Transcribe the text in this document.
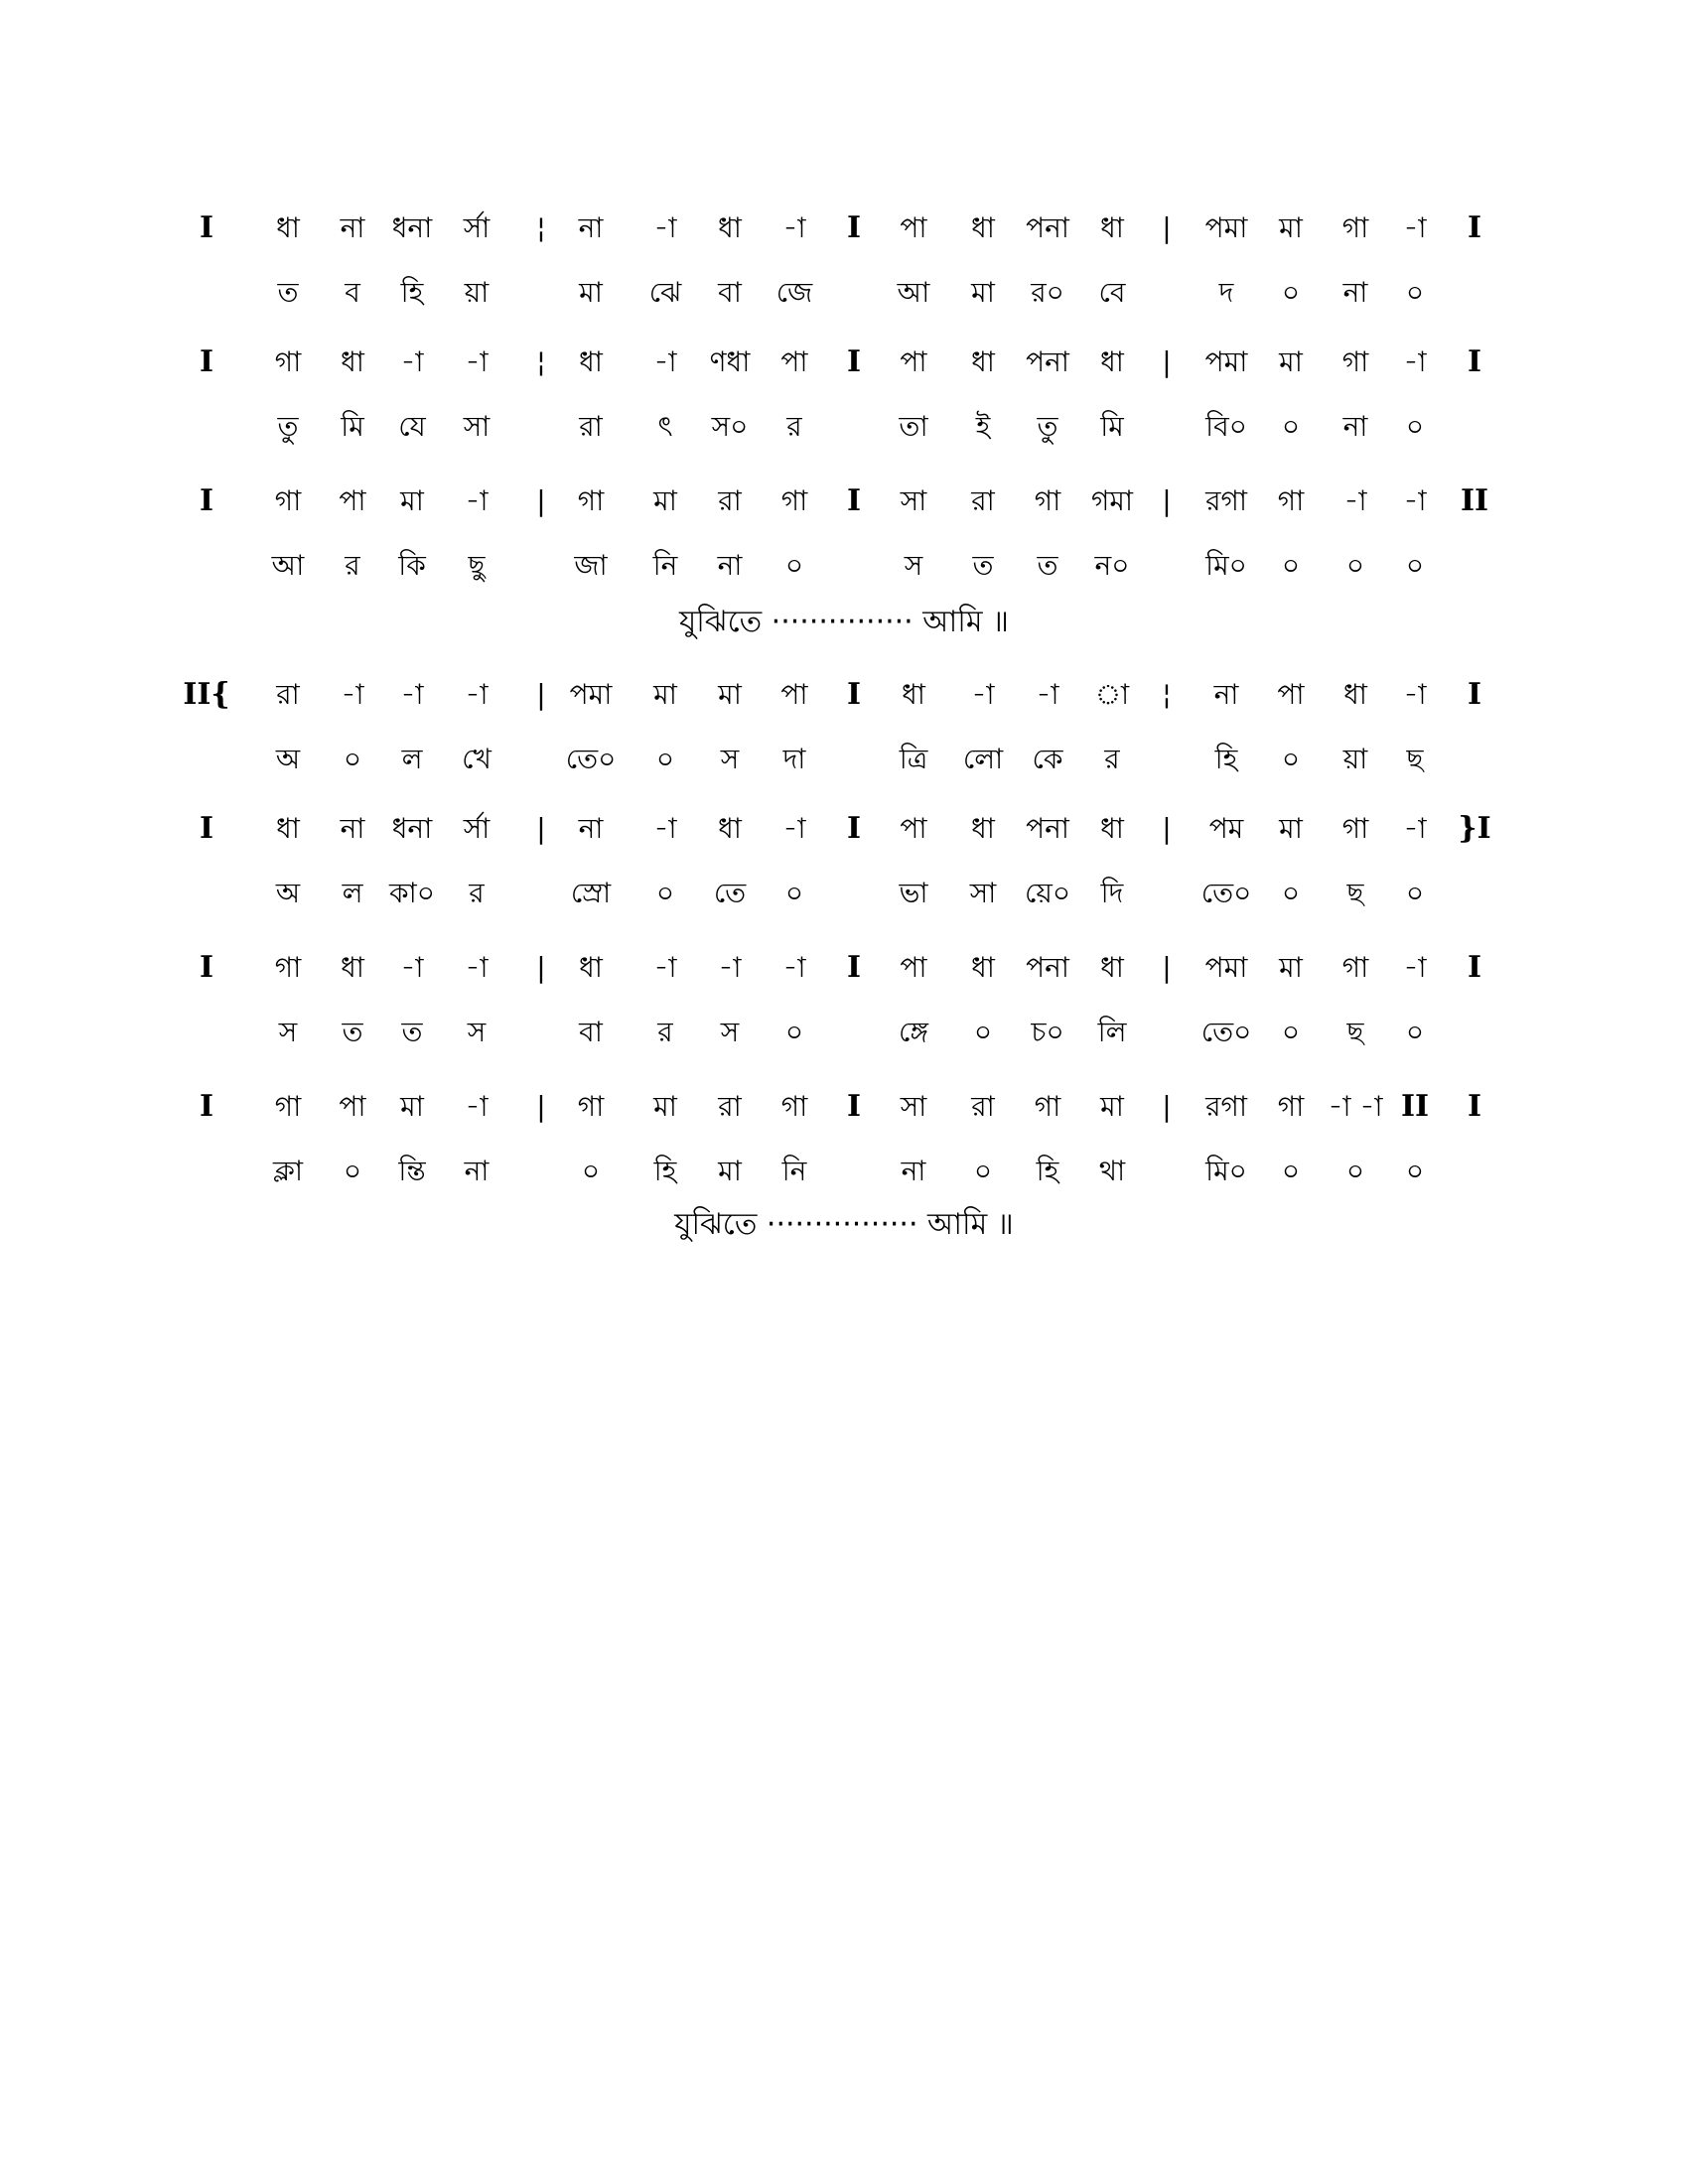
I ধা না ধনা র্সা ¦ না -া ধা -া I পা ধা পনা ধা | পমা মা গা -া I
ত ব হি য়া	মা ঝে বা জে	আ মা র০ বে	দ ০ না ০
I গা ধা -া -া ¦ ধা -া ণধা পা I পা ধা পনা ধা | পমা মা গা -া I
তু মি যে সা	রা ৎ স০ র	তা ই তু মি	বি০ ০ না ০
I গা পা মা -া | গা মা রা গা I সা রা গা গমা | রগা গা -া -া II
আ র কি ছু	জা নি না ০	স ত ত ন০	মি০ ০ ০ ০
II{ রা -া -া -া | পমা মা মা পা I ধা -া -া া ¦ না পা ধা -া I
অ ০ ল খে	তে০ ০ স দা	ত্রি লো কে র	হি ০ য়া ছ
I ধা না ধনা র্সা | না -া ধা -া I পা ধা পনা ধা | পম মা গা -া }I
অ ল কা০ র	স্রো ০ তে ০	ভা সা য়ে০ দি	তে০ ০ ছ ০
I গা ধা -া -া | ধা -া -া -া I পা ধা পনা ধা | পমা মা গা -া I
স ত ত স	বা র স ০	ঙ্গে ০ চ০ লি	তে০ ০ ছ ০
I গা পা মা -া | গা মা রা গা I সা রা গা মা | রগা গা -া -া II I
ক্লা ০ ন্তি না	০ হি মা নি	না ০ হি থা	মি০ ০ ০ ০
যুঝিতে ··············· আমি ॥
যুঝিতে ················ আমি ॥
